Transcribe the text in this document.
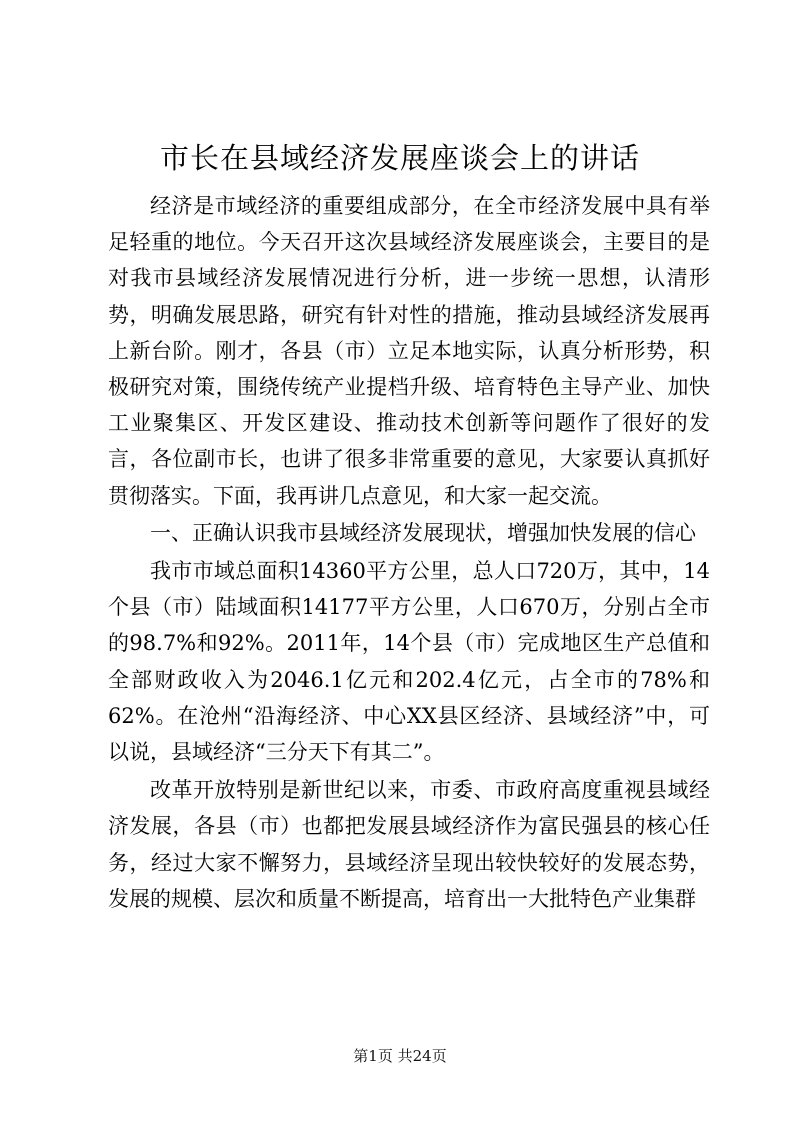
市长在县域经济发展座谈会上的讲话

经济是市域经济的重要组成部分，在全市经济发展中具有举足轻重的地位。今天召开这次县域经济发展座谈会，主要目的是对我市县域经济发展情况进行分析，进一步统一思想，认清形势，明确发展思路，研究有针对性的措施，推动县域经济发展再上新台阶。刚才，各县（市）立足本地实际，认真分析形势，积极研究对策，围绕传统产业提档升级、培育特色主导产业、加快工业聚集区、开发区建设、推动技术创新等问题作了很好的发言，各位副市长，也讲了很多非常重要的意见，大家要认真抓好贯彻落实。下面，我再讲几点意见，和大家一起交流。

一、正确认识我市县域经济发展现状，增强加快发展的信心

我市市域总面积14360平方公里，总人口720万，其中，14个县（市）陆域面积14177平方公里，人口670万，分别占全市的98.7%和92%。2011年，14个县（市）完成地区生产总值和全部财政收入为2046.1亿元和202.4亿元，占全市的78%和62%。在沧州“沿海经济、中心XX县区经济、县域经济”中，可以说，县域经济“三分天下有其二”。

改革开放特别是新世纪以来，市委、市政府高度重视县域经济发展，各县（市）也都把发展县域经济作为富民强县的核心任务，经过大家不懈努力，县域经济呈现出较快较好的发展态势，发展的规模、层次和质量不断提高，培育出一大批特色产业集群

第1页 共24页
